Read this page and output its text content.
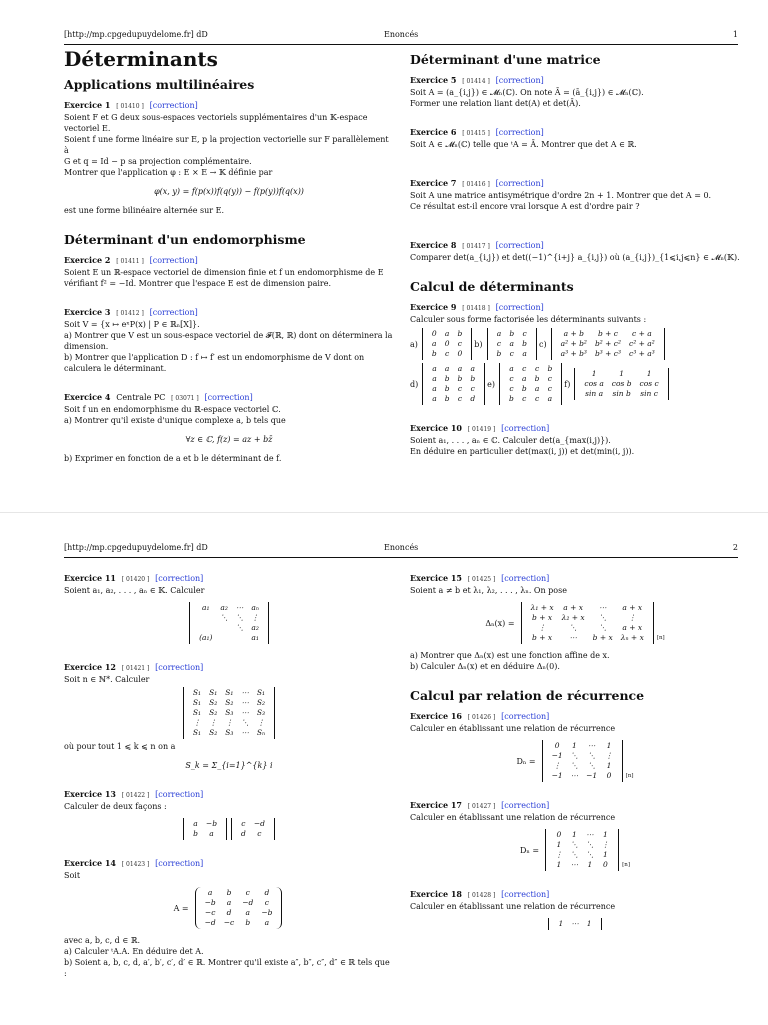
[http://mp.cpgedupuydelome.fr] dD	Enoncés	1
Déterminants
Applications multilinéaires
Exercice 1 [ 01410 ] [correction]
Soient F et G deux sous-espaces vectoriels supplémentaires d'un 𝕂-espace
vectoriel E.
Soient f une forme linéaire sur E, p la projection vectorielle sur F parallèlement à
G et q = Id − p sa projection complémentaire.
Montrer que l'application φ : E × E → 𝕂 définie par
φ(x, y) = f(p(x))f(q(y)) − f(p(y))f(q(x))
est une forme bilinéaire alternée sur E.
Déterminant d'un endomorphisme
Exercice 2 [ 01411 ] [correction]
Soient E un ℝ-espace vectoriel de dimension finie et f un endomorphisme de E
vérifiant f² = −Id. Montrer que l'espace E est de dimension paire.
Exercice 3 [ 01412 ] [correction]
Soit V = {x ↦ eˣP(x) | P ∈ ℝₙ[X]}.
a) Montrer que V est un sous-espace vectoriel de 𝓕(ℝ, ℝ) dont on déterminera la
dimension.
b) Montrer que l'application D : f ↦ f′ est un endomorphisme de V dont on
calculera le déterminant.
Exercice 4 Centrale PC [ 03071 ] [correction]
Soit f un en endomorphisme du ℝ-espace vectoriel ℂ.
a) Montrer qu'il existe d'unique complexe a, b tels que
∀z ∈ ℂ, f(z) = az + bz̄
b) Exprimer en fonction de a et b le déterminant de f.
Déterminant d'une matrice
Exercice 5 [ 01414 ] [correction]
Soit A = (a_{i,j}) ∈ 𝓜ₙ(ℂ). On note Ā = (ā_{i,j}) ∈ 𝓜ₙ(ℂ).
Former une relation liant det(A) et det(Ā).
Exercice 6 [ 01415 ] [correction]
Soit A ∈ 𝓜ₙ(ℂ) telle que ᵗA = Ā. Montrer que det A ∈ ℝ.
Exercice 7 [ 01416 ] [correction]
Soit A une matrice antisymétrique d'ordre 2n + 1. Montrer que det A = 0.
Ce résultat est-il encore vrai lorsque A est d'ordre pair ?
Exercice 8 [ 01417 ] [correction]
Comparer det(a_{i,j}) et det((−1)^{i+j} a_{i,j}) où (a_{i,j})_{1⩽i,j⩽n} ∈ 𝓜ₙ(𝕂).
Calcul de déterminants
Exercice 9 [ 01418 ] [correction]
Calculer sous forme factorisée les déterminants suivants :
a)
0	a	b
a	0	c
b	c	0
b)
a	b	c
c	a	b
b	c	a
c)
a + b	b + c	c + a
a² + b²	b² + c²	c² + a²
a³ + b³	b³ + c³	c³ + a³
d)
a	a	a	a
a	b	b	b
a	b	c	c
a	b	c	d
e)
a	c	c	b
c	a	b	c
c	b	a	c
b	c	c	a
f)
1	1	1
cos a	cos b	cos c
sin a	sin b	sin c
Exercice 10 [ 01419 ] [correction]
Soient a₁, . . . , aₙ ∈ ℂ. Calculer det(a_{max(i,j)}).
En déduire en particulier det(max(i, j)) et det(min(i, j)).
[http://mp.cpgedupuydelome.fr] dD	Enoncés	2
Exercice 11 [ 01420 ] [correction]
Soient a₁, a₂, . . . , aₙ ∈ 𝕂. Calculer
a₁	a₂	⋯	aₙ
	⋱	⋱	⋮
		⋱	a₂
(a₁)			a₁
Exercice 12 [ 01421 ] [correction]
Soit n ∈ ℕ*. Calculer
S₁	S₁	S₁	⋯	S₁
S₁	S₂	S₂	⋯	S₂
S₁	S₂	S₃	⋯	S₃
⋮	⋮	⋮	⋱	⋮
S₁	S₂	S₃	⋯	Sₙ
où pour tout 1 ⩽ k ⩽ n on a
S_k = Σ_{i=1}^{k} i
Exercice 13 [ 01422 ] [correction]
Calculer de deux façons :
a	−b
b	a
c	−d
d	c
Exercice 14 [ 01423 ] [correction]
Soit
A =
a	b	c	d
−b	a	−d	c
−c	d	a	−b
−d	−c	b	a
avec a, b, c, d ∈ ℝ.
a) Calculer ᵗA.A. En déduire det A.
b) Soient a, b, c, d, a′, b′, c′, d′ ∈ ℝ. Montrer qu'il existe a″, b″, c″, d″ ∈ ℝ tels que :
Exercice 15 [ 01425 ] [correction]
Soient a ≠ b et λ₁, λ₂, . . . , λₙ. On pose
Δₙ(x) =
λ₁ + x	a + x	⋯	a + x
b + x	λ₂ + x	⋱	⋮
⋮	⋱	⋱	a + x
b + x	⋯	b + x	λₙ + x [n]
a) Montrer que Δₙ(x) est une fonction affine de x.
b) Calculer Δₙ(x) et en déduire Δₙ(0).
Calcul par relation de récurrence
Exercice 16 [ 01426 ] [correction]
Calculer en établissant une relation de récurrence
Dₙ =
0	1	⋯	1
−1	⋱	⋱	⋮
⋮	⋱	⋱	1
−1	⋯	−1	0	[n]
Exercice 17 [ 01427 ] [correction]
Calculer en établissant une relation de récurrence
Dₙ =
0	1	⋯	1
1	⋱	⋱	⋮
⋮	⋱	⋱	1
1	⋯	1	0	[n]
Exercice 18 [ 01428 ] [correction]
Calculer en établissant une relation de récurrence
1	⋯	1
